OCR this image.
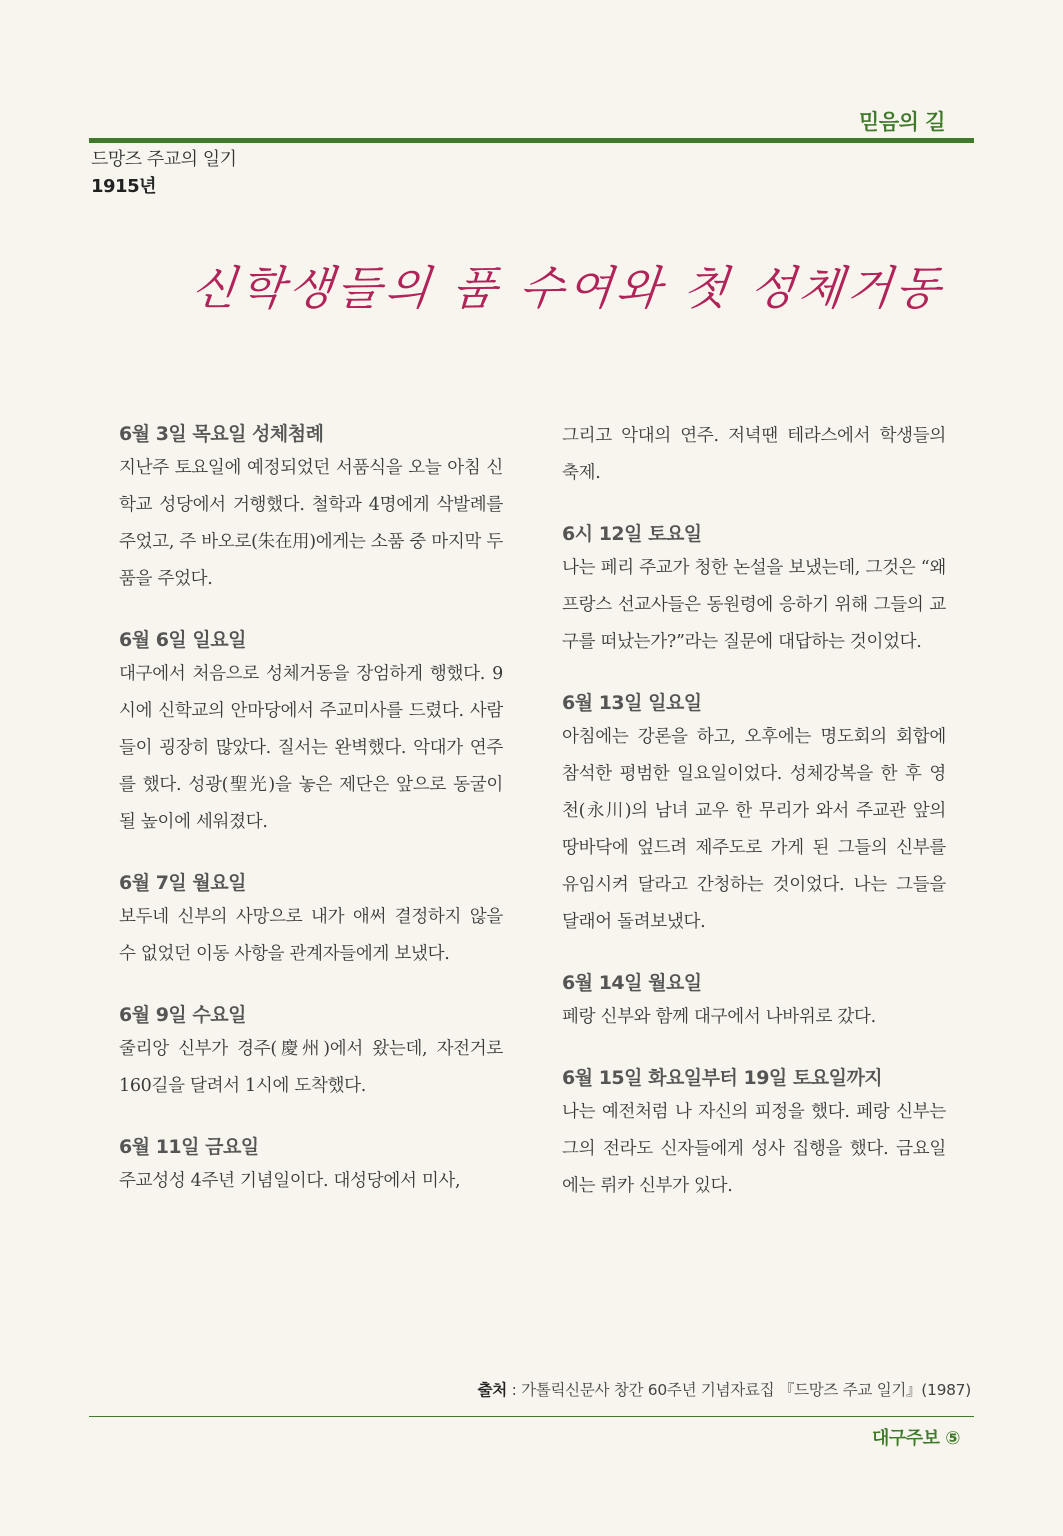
믿음의 길
드망즈 주교의 일기
1915년
신학생들의 품 수여와 첫 성체거동
6월 3일 목요일 성체첨례
지난주 토요일에 예정되었던 서품식을 오늘 아침 신학교 성당에서 거행했다. 철학과 4명에게 삭발례를 주었고, 주 바오로(朱在用)에게는 소품 중 마지막 두 품을 주었다.
6월 6일 일요일
대구에서 처음으로 성체거동을 장엄하게 행했다. 9시에 신학교의 안마당에서 주교미사를 드렸다. 사람들이 굉장히 많았다. 질서는 완벽했다. 악대가 연주를 했다. 성광(聖光)을 놓은 제단은 앞으로 동굴이 될 높이에 세워졌다.
6월 7일 월요일
보두네 신부의 사망으로 내가 애써 결정하지 않을 수 없었던 이동 사항을 관계자들에게 보냈다.
6월 9일 수요일
줄리앙 신부가 경주(慶州)에서 왔는데, 자전거로 160길을 달려서 1시에 도착했다.
6월 11일 금요일
주교성성 4주년 기념일이다. 대성당에서 미사,
그리고 악대의 연주. 저녁땐 테라스에서 학생들의 축제.
6시 12일 토요일
나는 페리 주교가 청한 논설을 보냈는데, 그것은 “왜 프랑스 선교사들은 동원령에 응하기 위해 그들의 교구를 떠났는가?”라는 질문에 대답하는 것이었다.
6월 13일 일요일
아침에는 강론을 하고, 오후에는 명도회의 회합에 참석한 평범한 일요일이었다. 성체강복을 한 후 영천(永川)의 남녀 교우 한 무리가 와서 주교관 앞의 땅바닥에 엎드려 제주도로 가게 된 그들의 신부를 유임시켜 달라고 간청하는 것이었다. 나는 그들을 달래어 돌려보냈다.
6월 14일 월요일
페랑 신부와 함께 대구에서 나바위로 갔다.
6월 15일 화요일부터 19일 토요일까지
나는 예전처럼 나 자신의 피정을 했다. 페랑 신부는 그의 전라도 신자들에게 성사 집행을 했다. 금요일에는 뤼카 신부가 있다.
출처 : 가톨릭신문사 창간 60주년 기념자료집 『드망즈 주교 일기』(1987)
대구주보 ⑤
